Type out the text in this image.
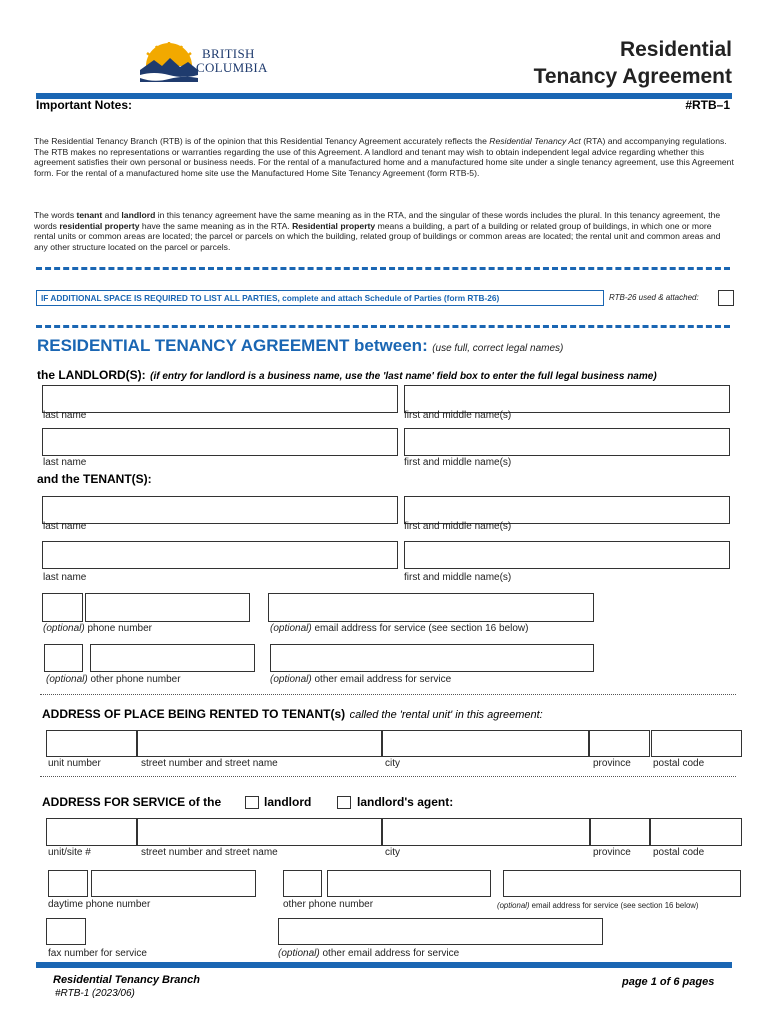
BRITISH
COLUMBIA
Residential
Tenancy Agreement
Important Notes:	#RTB–1

The Residential Tenancy Branch (RTB) is of the opinion that this Residential Tenancy Agreement accurately reflects the Residential Tenancy Act (RTA) and accompanying regulations. The RTB makes no representations or warranties regarding the use of this Agreement. A landlord and tenant may wish to obtain independent legal advice regarding whether this agreement satisfies their own personal or business needs. For the rental of a manufactured home and a manufactured home site under a single tenancy agreement, use this Agreement form. For the rental of a manufactured home site use the Manufactured Home Site Tenancy Agreement (form RTB-5).

The words tenant and landlord in this tenancy agreement have the same meaning as in the RTA, and the singular of these words includes the plural. In this tenancy agreement, the words residential property have the same meaning as in the RTA. Residential property means a building, a part of a building or related group of buildings, in which one or more rental units or common areas are located; the parcel or parcels on which the building, related group of buildings or common areas are located; the rental unit and common areas and any other structure located on the parcel or parcels.

IF ADDITIONAL SPACE IS REQUIRED TO LIST ALL PARTIES, complete and attach Schedule of Parties (form RTB-26)	RTB-26 used & attached:
RESIDENTIAL TENANCY AGREEMENT between: (use full, correct legal names)
the LANDLORD(S): (if entry for landlord is a business name, use the 'last name' field box to enter the full legal business name)
last name	first and middle name(s)
last name	first and middle name(s)
and the TENANT(S):
last name	first and middle name(s)
last name	first and middle name(s)
(optional) phone number	(optional) email address for service (see section 16 below)
(optional) other phone number	(optional) other email address for service
ADDRESS OF PLACE BEING RENTED TO TENANT(s) called the 'rental unit' in this agreement:
unit number	street number and street name	city	province postal code
ADDRESS FOR SERVICE of the	landlord	landlord's agent:
unit/site #	street number and street name	city	province postal code
daytime phone number	other phone number	(optional) email address for service (see section 16 below)
fax number for service	(optional) other email address for service
Residential Tenancy Branch
#RTB-1 (2023/06)
page 1 of 6 pages
